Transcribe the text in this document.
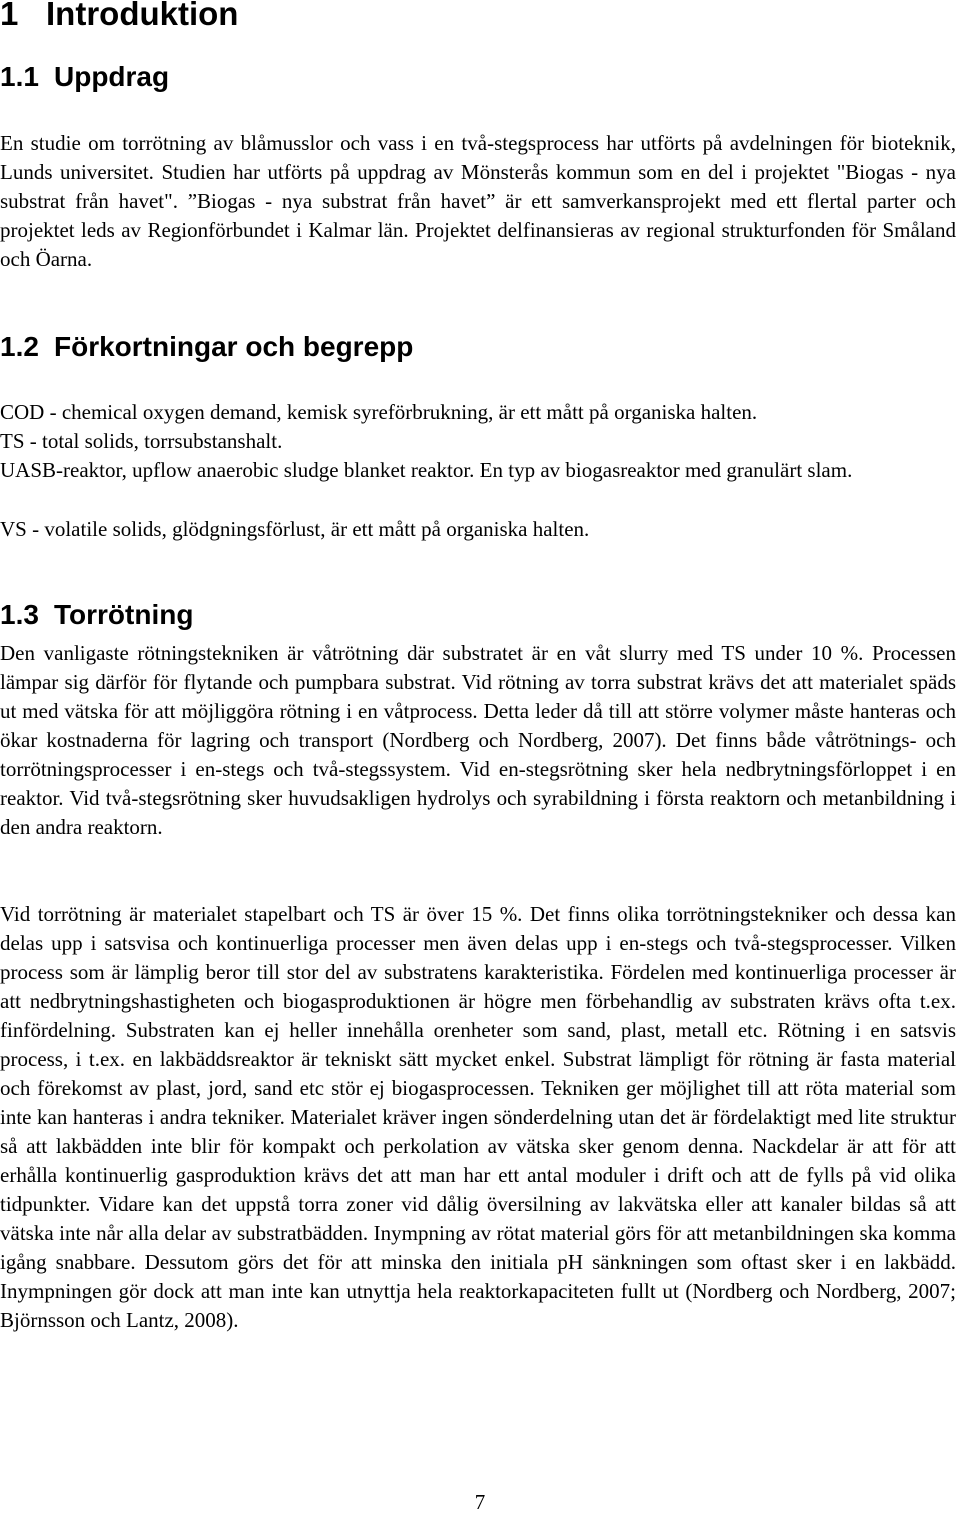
1 Introduktion
1.1 Uppdrag

En studie om torrötning av blåmusslor och vass i en två-stegsprocess har utförts på avdelningen för bioteknik, Lunds universitet. Studien har utförts på uppdrag av Mönsterås kommun som en del i projektet "Biogas - nya substrat från havet". ”Biogas - nya substrat från havet” är ett samverkansprojekt med ett flertal parter och projektet leds av Regionförbundet i Kalmar län. Projektet delfinansieras av regional strukturfonden för Småland och Öarna.

1.2 Förkortningar och begrepp

COD - chemical oxygen demand, kemisk syreförbrukning, är ett mått på organiska halten.

TS - total solids, torrsubstanshalt.

UASB-reaktor, upflow anaerobic sludge blanket reaktor. En typ av biogasreaktor med granulärt slam.

VS - volatile solids, glödgningsförlust, är ett mått på organiska halten.

1.3 Torrötning

Den vanligaste rötningstekniken är våtrötning där substratet är en våt slurry med TS under 10 %. Processen lämpar sig därför för flytande och pumpbara substrat. Vid rötning av torra substrat krävs det att materialet späds ut med vätska för att möjliggöra rötning i en våtprocess. Detta leder då till att större volymer måste hanteras och ökar kostnaderna för lagring och transport (Nordberg och Nordberg, 2007). Det finns både våtrötnings- och torrötningsprocesser i en-stegs och två-stegssystem. Vid en-stegsrötning sker hela nedbrytningsförloppet i en reaktor. Vid två-stegsrötning sker huvudsakligen hydrolys och syrabildning i första reaktorn och metanbildning i den andra reaktorn.

Vid torrötning är materialet stapelbart och TS är över 15 %. Det finns olika torrötningstekniker och dessa kan delas upp i satsvisa och kontinuerliga processer men även delas upp i en-stegs och två-stegsprocesser. Vilken process som är lämplig beror till stor del av substratens karakteristika. Fördelen med kontinuerliga processer är att nedbrytningshastigheten och biogasproduktionen är högre men förbehandlig av substraten krävs ofta t.ex. finfördelning. Substraten kan ej heller innehålla orenheter som sand, plast, metall etc. Rötning i en satsvis process, i t.ex. en lakbäddsreaktor är tekniskt sätt mycket enkel. Substrat lämpligt för rötning är fasta material och förekomst av plast, jord, sand etc stör ej biogasprocessen. Tekniken ger möjlighet till att röta material som inte kan hanteras i andra tekniker. Materialet kräver ingen sönderdelning utan det är fördelaktigt med lite struktur så att lakbädden inte blir för kompakt och perkolation av vätska sker genom denna. Nackdelar är att för att erhålla kontinuerlig gasproduktion krävs det att man har ett antal moduler i drift och att de fylls på vid olika tidpunkter. Vidare kan det uppstå torra zoner vid dålig översilning av lakvätska eller att kanaler bildas så att vätska inte når alla delar av substratbädden. Inympning av rötat material görs för att metanbildningen ska komma igång snabbare. Dessutom görs det för att minska den initiala pH sänkningen som oftast sker i en lakbädd. Inympningen gör dock att man inte kan utnyttja hela reaktorkapaciteten fullt ut (Nordberg och Nordberg, 2007; Björnsson och Lantz, 2008).

7
